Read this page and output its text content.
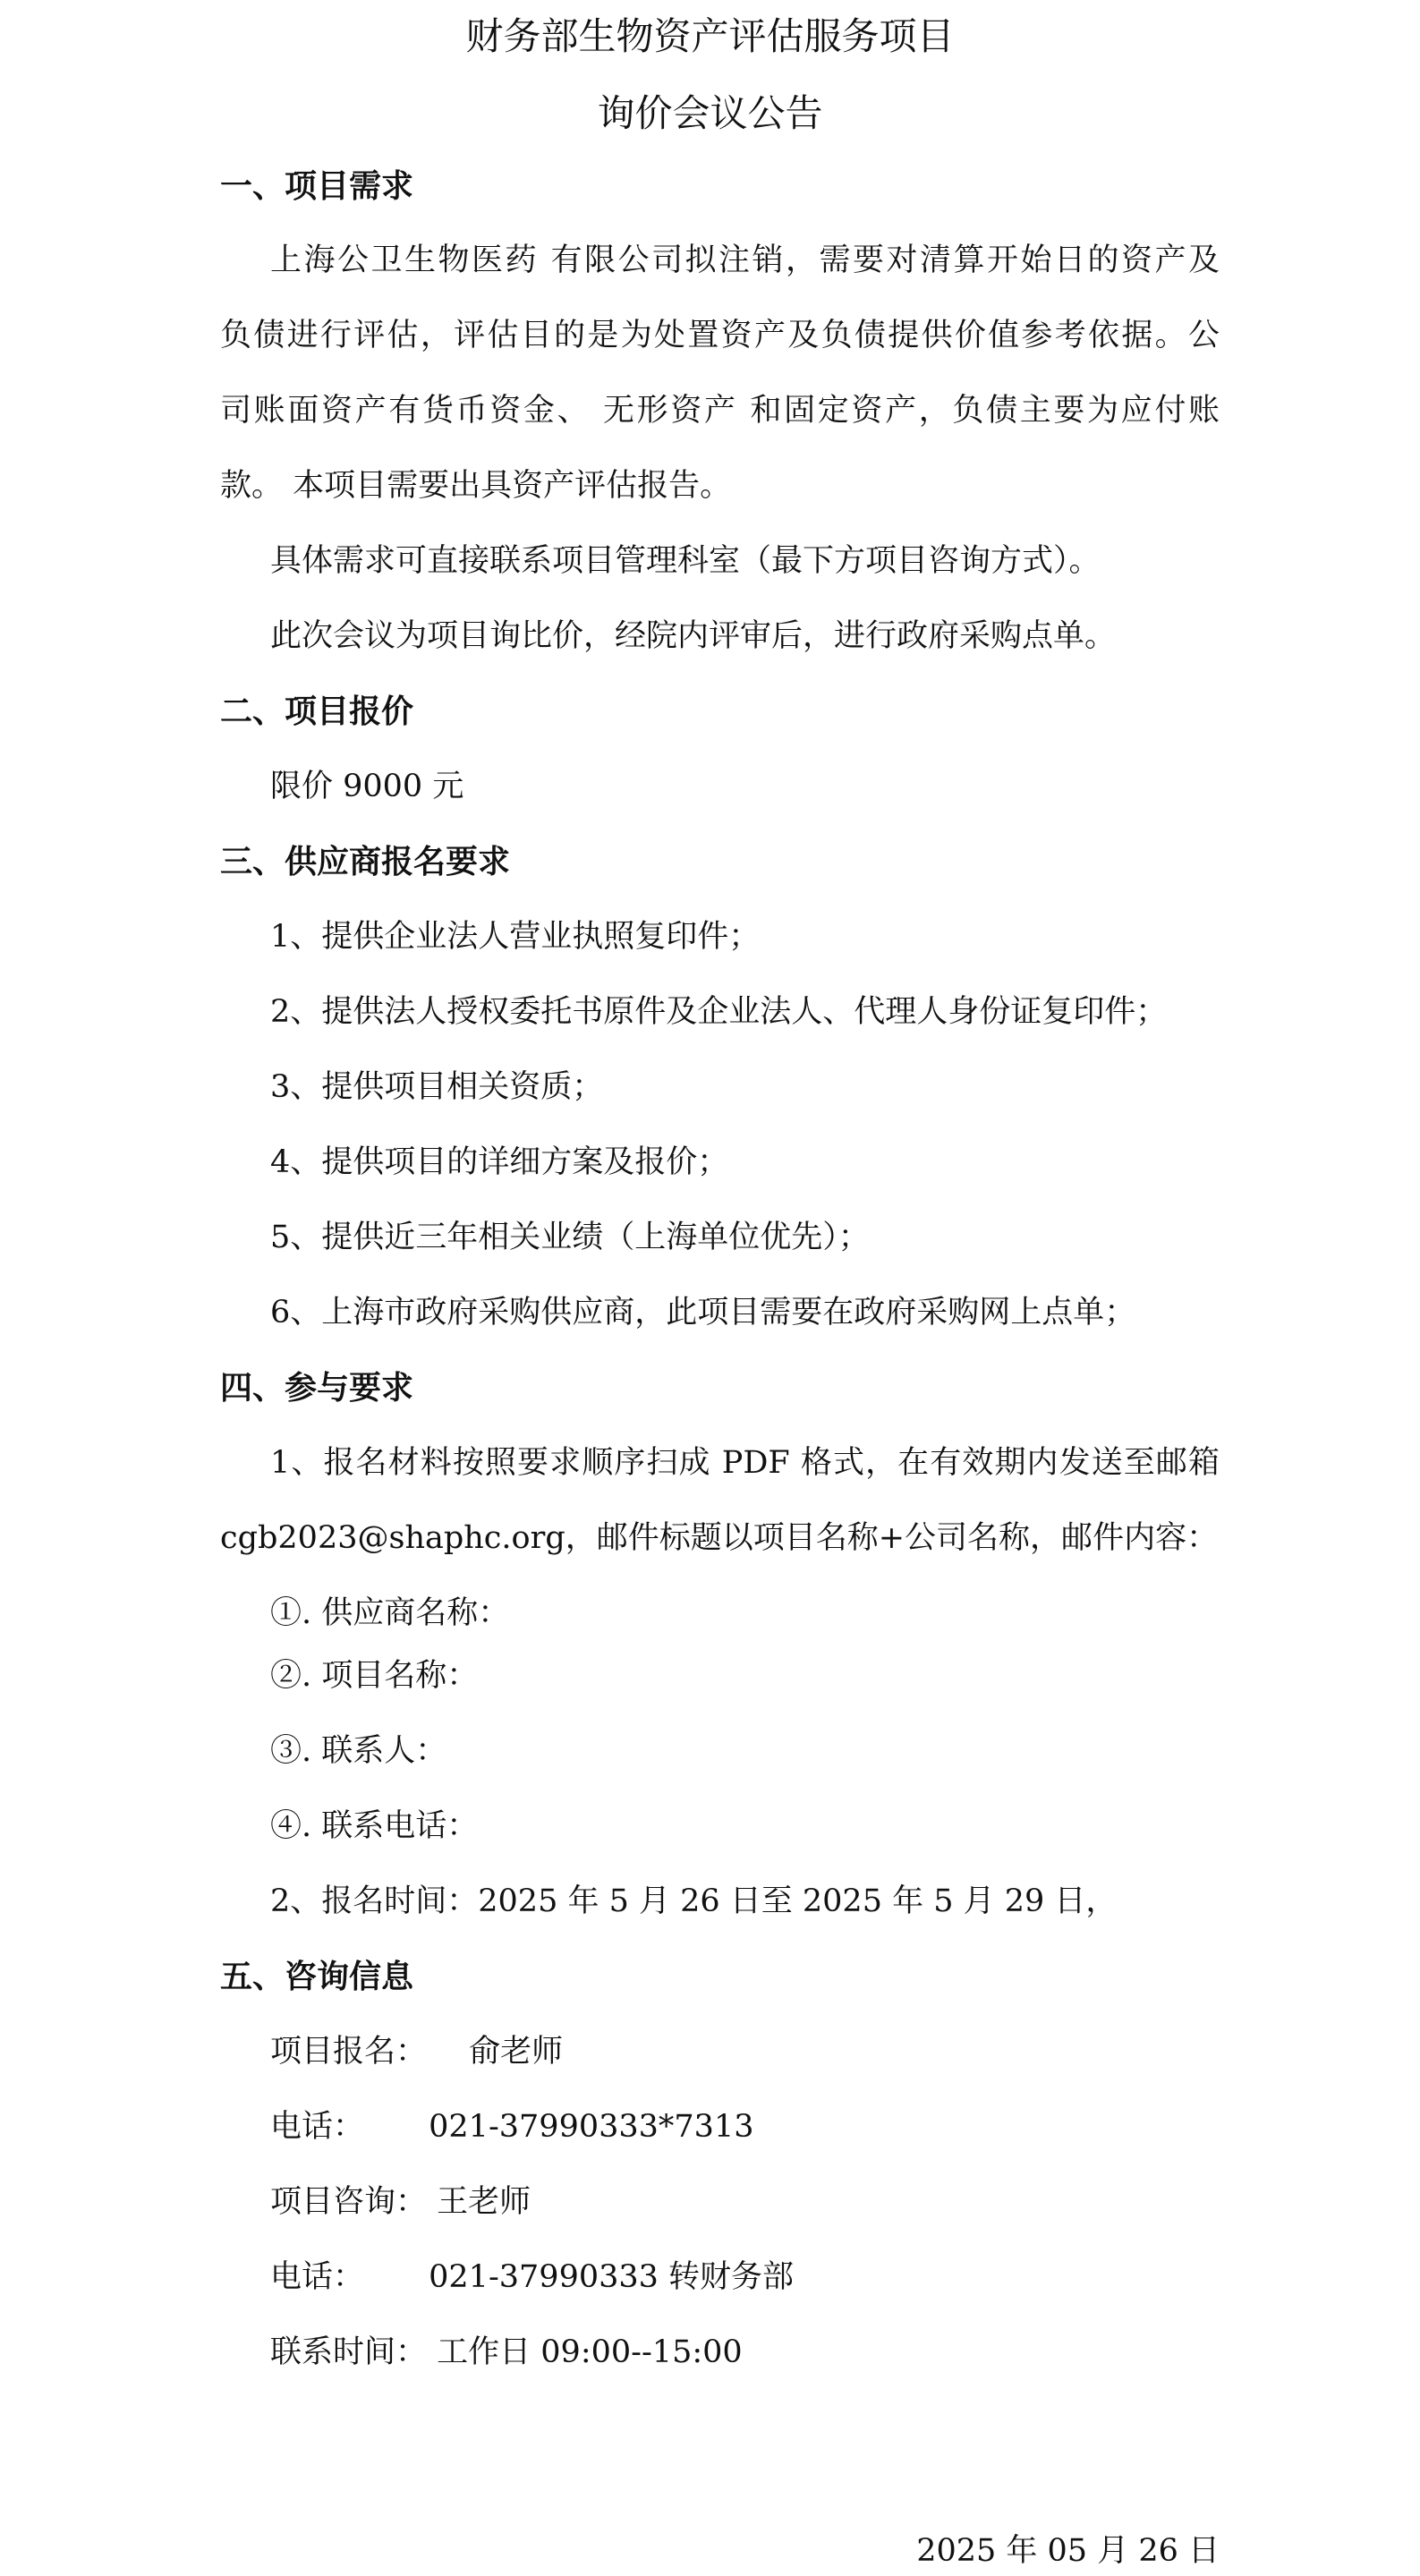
财务部生物资产评估服务项目
询价会议公告
一、项目需求
上海公卫生物医药 有限公司拟注销，需要对清算开始日的资产及
负债进行评估，评估目的是为处置资产及负债提供价值参考依据。公
司账面资产有货币资金、 无形资产 和固定资产，负债主要为应付账
款。 本项目需要出具资产评估报告。
具体需求可直接联系项目管理科室（最下方项目咨询方式）。
此次会议为项目询比价，经院内评审后，进行政府采购点单。
二、项目报价
限价 9000 元
三、供应商报名要求
1、提供企业法人营业执照复印件；
2、提供法人授权委托书原件及企业法人、代理人身份证复印件；
3、提供项目相关资质；
4、提供项目的详细方案及报价；
5、提供近三年相关业绩（上海单位优先）；
6、上海市政府采购供应商，此项目需要在政府采购网上点单；
四、参与要求
1、报名材料按照要求顺序扫成 PDF 格式，在有效期内发送至邮箱
cgb2023@shaphc.org，邮件标题以项目名称+公司名称，邮件内容：
①. 供应商名称：
②. 项目名称：
③. 联系人：
④. 联系电话：
2、报名时间：2025 年 5 月 26 日至 2025 年 5 月 29 日，
五、咨询信息
项目报名： 俞老师
电话： 021-37990333*7313
项目咨询： 王老师
电话： 021-37990333 转财务部
联系时间： 工作日 09:00--15:00
2025 年 05 月 26 日
